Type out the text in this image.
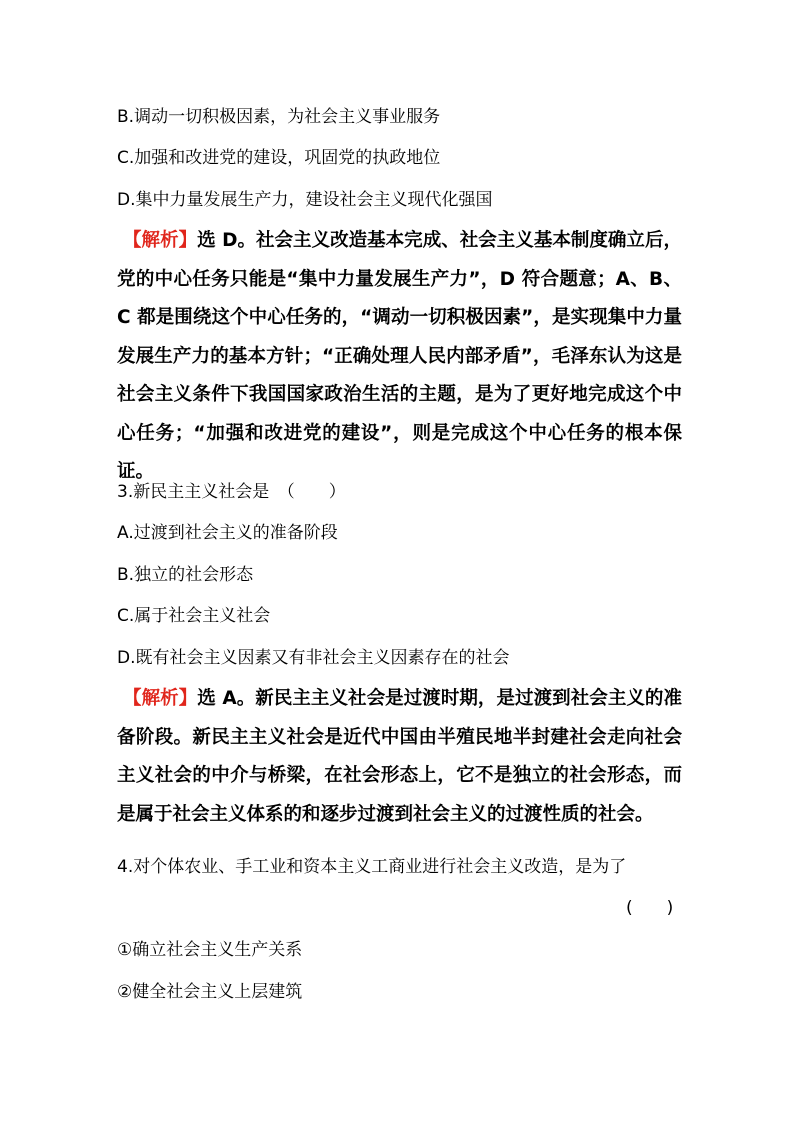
B.调动一切积极因素，为社会主义事业服务
C.加强和改进党的建设，巩固党的执政地位
D.集中力量发展生产力，建设社会主义现代化强国
【解析】选 D。社会主义改造基本完成、社会主义基本制度确立后，党的中心任务只能是“集中力量发展生产力”，D 符合题意；A、B、C 都是围绕这个中心任务的，“调动一切积极因素”，是实现集中力量发展生产力的基本方针；“正确处理人民内部矛盾”，毛泽东认为这是社会主义条件下我国国家政治生活的主题，是为了更好地完成这个中心任务；“加强和改进党的建设”，则是完成这个中心任务的根本保证。
3.新民主主义社会是　（　　）
A.过渡到社会主义的准备阶段
B.独立的社会形态
C.属于社会主义社会
D.既有社会主义因素又有非社会主义因素存在的社会
【解析】选 A。新民主主义社会是过渡时期，是过渡到社会主义的准备阶段。新民主主义社会是近代中国由半殖民地半封建社会走向社会主义社会的中介与桥梁，在社会形态上，它不是独立的社会形态，而是属于社会主义体系的和逐步过渡到社会主义的过渡性质的社会。
4.对个体农业、手工业和资本主义工商业进行社会主义改造，是为了
(　　)
①确立社会主义生产关系
②健全社会主义上层建筑
